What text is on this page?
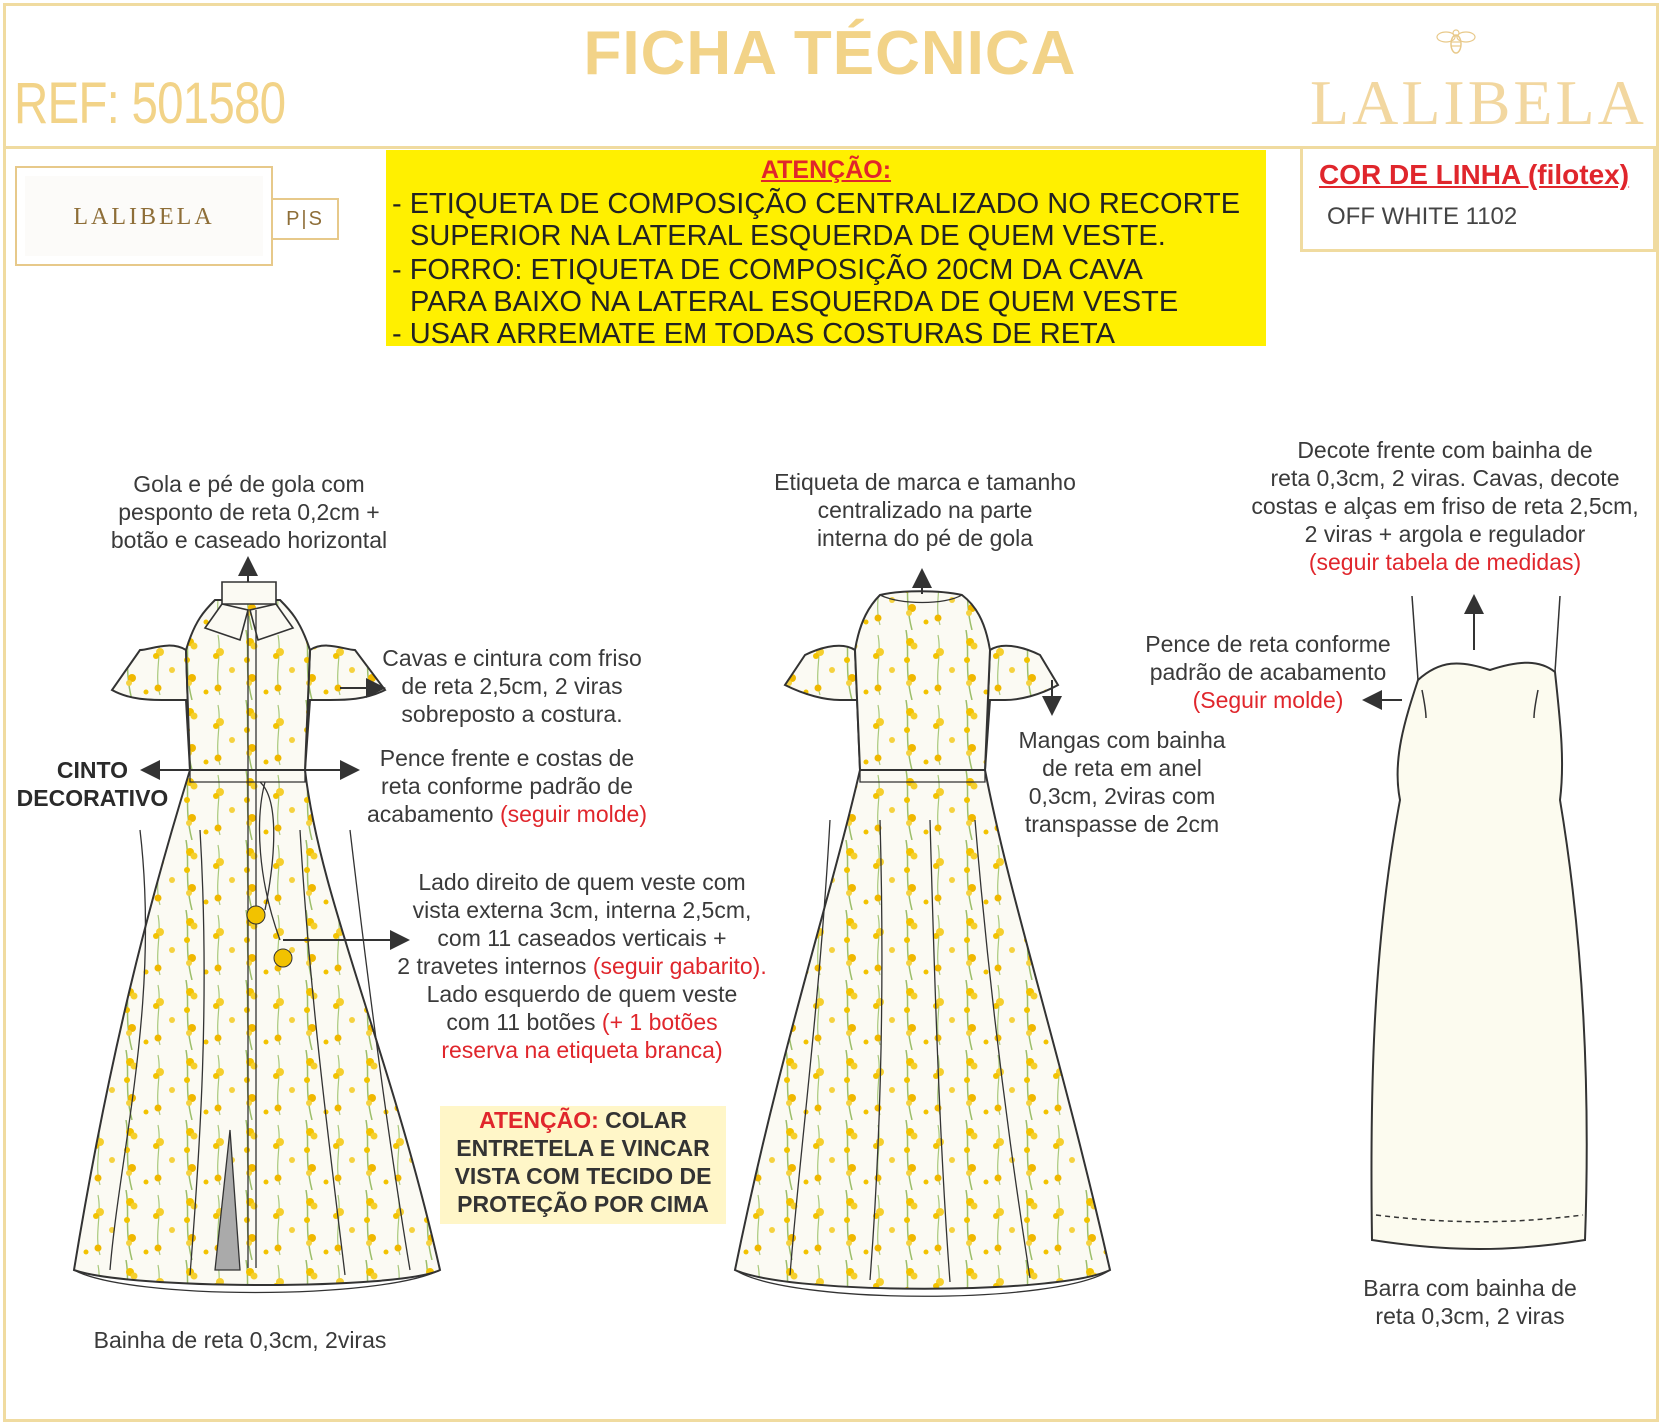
FICHA TÉCNICA
REF: 501580	LALIBELA
LALIBELA	P|S
ATENÇÃO:
- ETIQUETA DE COMPOSIÇÃO CENTRALIZADO NO RECORTE
SUPERIOR NA LATERAL ESQUERDA DE QUEM VESTE.
- FORRO: ETIQUETA DE COMPOSIÇÃO 20CM DA CAVA
PARA BAIXO NA LATERAL ESQUERDA DE QUEM VESTE
- USAR ARREMATE EM TODAS COSTURAS DE RETA
COR DE LINHA (filotex)
OFF WHITE 1102
Gola e pé de gola com
pesponto de reta 0,2cm +
botão e caseado horizontal
Cavas e cintura com friso
de reta 2,5cm, 2 viras
sobreposto a costura.
CINTO
DECORATIVO
Pence frente e costas de
reta conforme padrão de
acabamento (seguir molde)
Lado direito de quem veste com
vista externa 3cm, interna 2,5cm,
com 11 caseados verticais +
2 travetes internos (seguir gabarito).
Lado esquerdo de quem veste
com 11 botões (+ 1 botões
reserva na etiqueta branca)
ATENÇÃO: COLAR
ENTRETELA E VINCAR
VISTA COM TECIDO DE
PROTEÇÃO POR CIMA
Bainha de reta 0,3cm, 2viras
Etiqueta de marca e tamanho
centralizado na parte
interna do pé de gola
Mangas com bainha
de reta em anel
0,3cm, 2viras com
transpasse de 2cm
Decote frente com bainha de
reta 0,3cm, 2 viras. Cavas, decote
costas e alças em friso de reta 2,5cm,
2 viras + argola e regulador
(seguir tabela de medidas)
Pence de reta conforme
padrão de acabamento
(Seguir molde)
Barra com bainha de
reta 0,3cm, 2 viras
